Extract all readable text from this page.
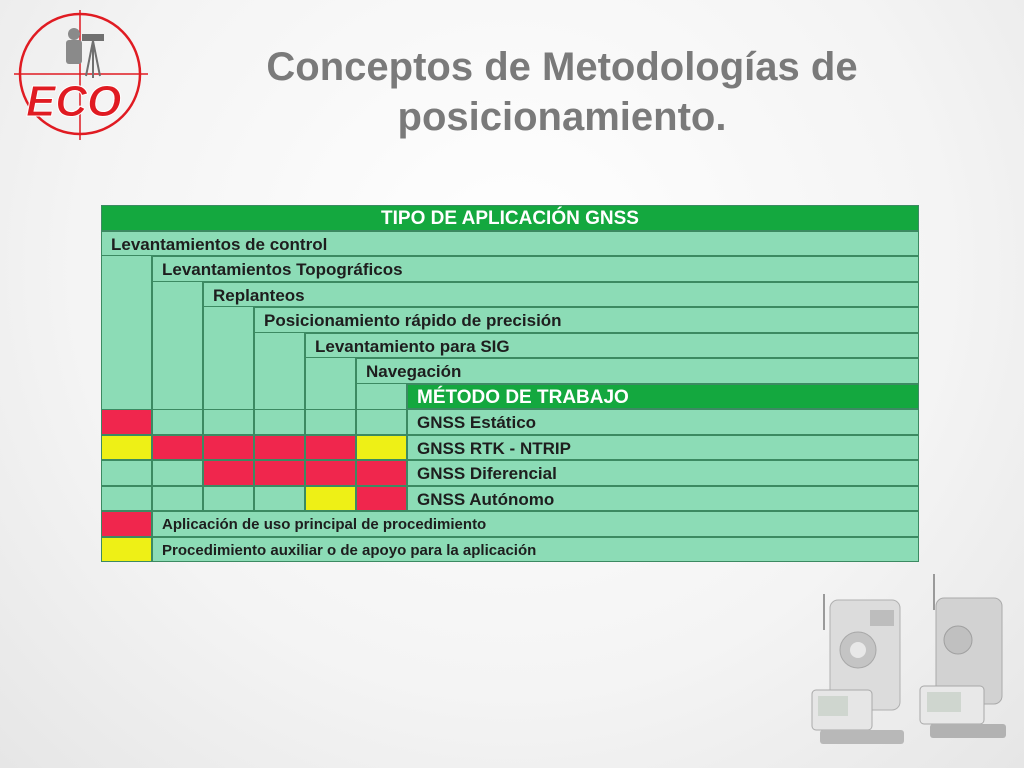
ECO
Conceptos de Metodologías de
posicionamiento.
TIPO DE APLICACIÓN GNSS
Levantamientos de control
Levantamientos Topográficos
Replanteos
Posicionamiento rápido de precisión
Levantamiento para SIG
Navegación
MÉTODO DE TRABAJO
GNSS Estático
GNSS RTK - NTRIP
GNSS Diferencial
GNSS Autónomo
Aplicación de uso principal de procedimiento
Procedimiento auxiliar o de apoyo para la aplicación
